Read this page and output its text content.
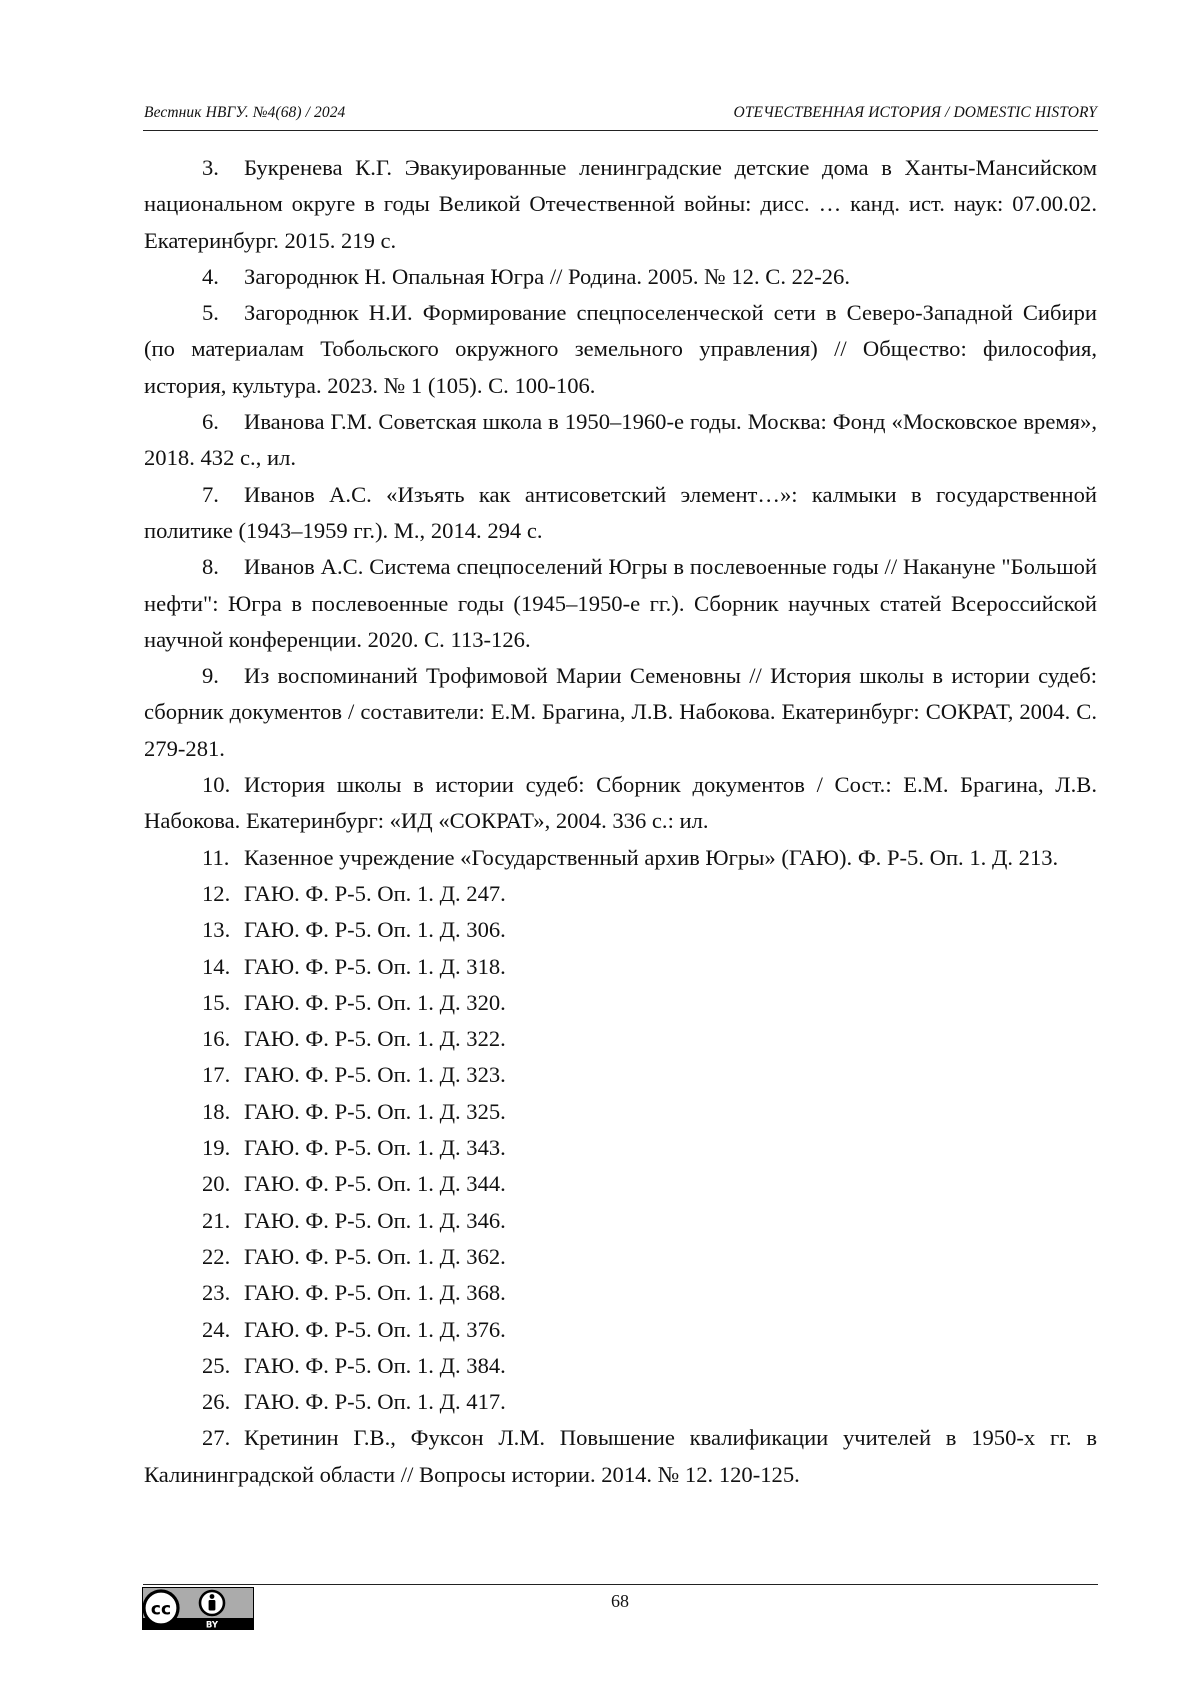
Вестник НВГУ. №4(68) / 2024	ОТЕЧЕСТВЕННАЯ ИСТОРИЯ / DOMESTIC HISTORY
3. Букренева К.Г. Эвакуированные ленинградские детские дома в Ханты-Мансийском национальном округе в годы Великой Отечественной войны: дисс. … канд. ист. наук: 07.00.02. Екатеринбург. 2015. 219 с.
4. Загороднюк Н. Опальная Югра // Родина. 2005. № 12. С. 22-26.
5. Загороднюк Н.И. Формирование спецпоселенческой сети в Северо-Западной Сибири (по материалам Тобольского окружного земельного управления) // Общество: философия, история, культура. 2023. № 1 (105). С. 100-106.
6. Иванова Г.М. Советская школа в 1950–1960-е годы. Москва: Фонд «Московское время», 2018. 432 с., ил.
7. Иванов А.С. «Изъять как антисоветский элемент…»: калмыки в государственной политике (1943–1959 гг.). М., 2014. 294 с.
8. Иванов А.С. Система спецпоселений Югры в послевоенные годы // Накануне "Большой нефти": Югра в послевоенные годы (1945–1950-е гг.). Сборник научных статей Всероссийской научной конференции. 2020. С. 113-126.
9. Из воспоминаний Трофимовой Марии Семеновны // История школы в истории судеб: сборник документов / составители: Е.М. Брагина, Л.В. Набокова. Екатеринбург: СОКРАТ, 2004. С. 279-281.
10. История школы в истории судеб: Сборник документов / Сост.: Е.М. Брагина, Л.В. Набокова. Екатеринбург: «ИД «СОКРАТ», 2004. 336 с.: ил.
11. Казенное учреждение «Государственный архив Югры» (ГАЮ). Ф. Р-5. Оп. 1. Д. 213.
12. ГАЮ. Ф. Р-5. Оп. 1. Д. 247.
13. ГАЮ. Ф. Р-5. Оп. 1. Д. 306.
14. ГАЮ. Ф. Р-5. Оп. 1. Д. 318.
15. ГАЮ. Ф. Р-5. Оп. 1. Д. 320.
16. ГАЮ. Ф. Р-5. Оп. 1. Д. 322.
17. ГАЮ. Ф. Р-5. Оп. 1. Д. 323.
18. ГАЮ. Ф. Р-5. Оп. 1. Д. 325.
19. ГАЮ. Ф. Р-5. Оп. 1. Д. 343.
20. ГАЮ. Ф. Р-5. Оп. 1. Д. 344.
21. ГАЮ. Ф. Р-5. Оп. 1. Д. 346.
22. ГАЮ. Ф. Р-5. Оп. 1. Д. 362.
23. ГАЮ. Ф. Р-5. Оп. 1. Д. 368.
24. ГАЮ. Ф. Р-5. Оп. 1. Д. 376.
25. ГАЮ. Ф. Р-5. Оп. 1. Д. 384.
26. ГАЮ. Ф. Р-5. Оп. 1. Д. 417.
27. Кретинин Г.В., Фуксон Л.М. Повышение квалификации учителей в 1950-х гг. в Калининградской области // Вопросы истории. 2014. № 12. 120-125.
cc
BY
68
